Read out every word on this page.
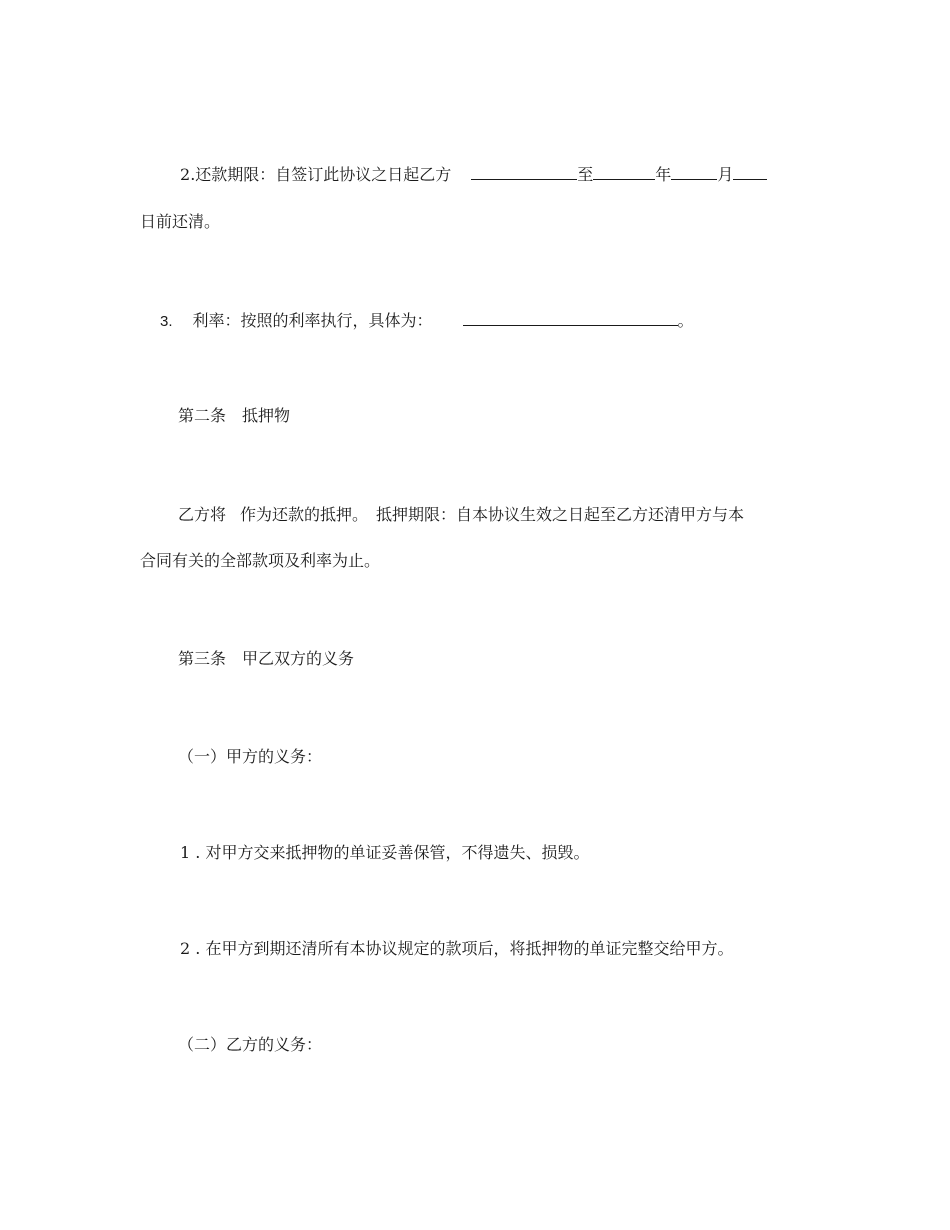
2.还款期限：自签订此协议之日起乙方	至	年	月
日前还清。
3. 利率：按照的利率执行，具体为：	。
第二条 抵押物
乙方将 作为还款的抵押。 抵押期限：自本协议生效之日起至乙方还清甲方与本
合同有关的全部款项及利率为止。
第三条 甲乙双方的义务
（一）甲方的义务：
1 . 对甲方交来抵押物的单证妥善保管，不得遗失、损毁。
2 . 在甲方到期还清所有本协议规定的款项后，将抵押物的单证完整交给甲方。
（二）乙方的义务：
